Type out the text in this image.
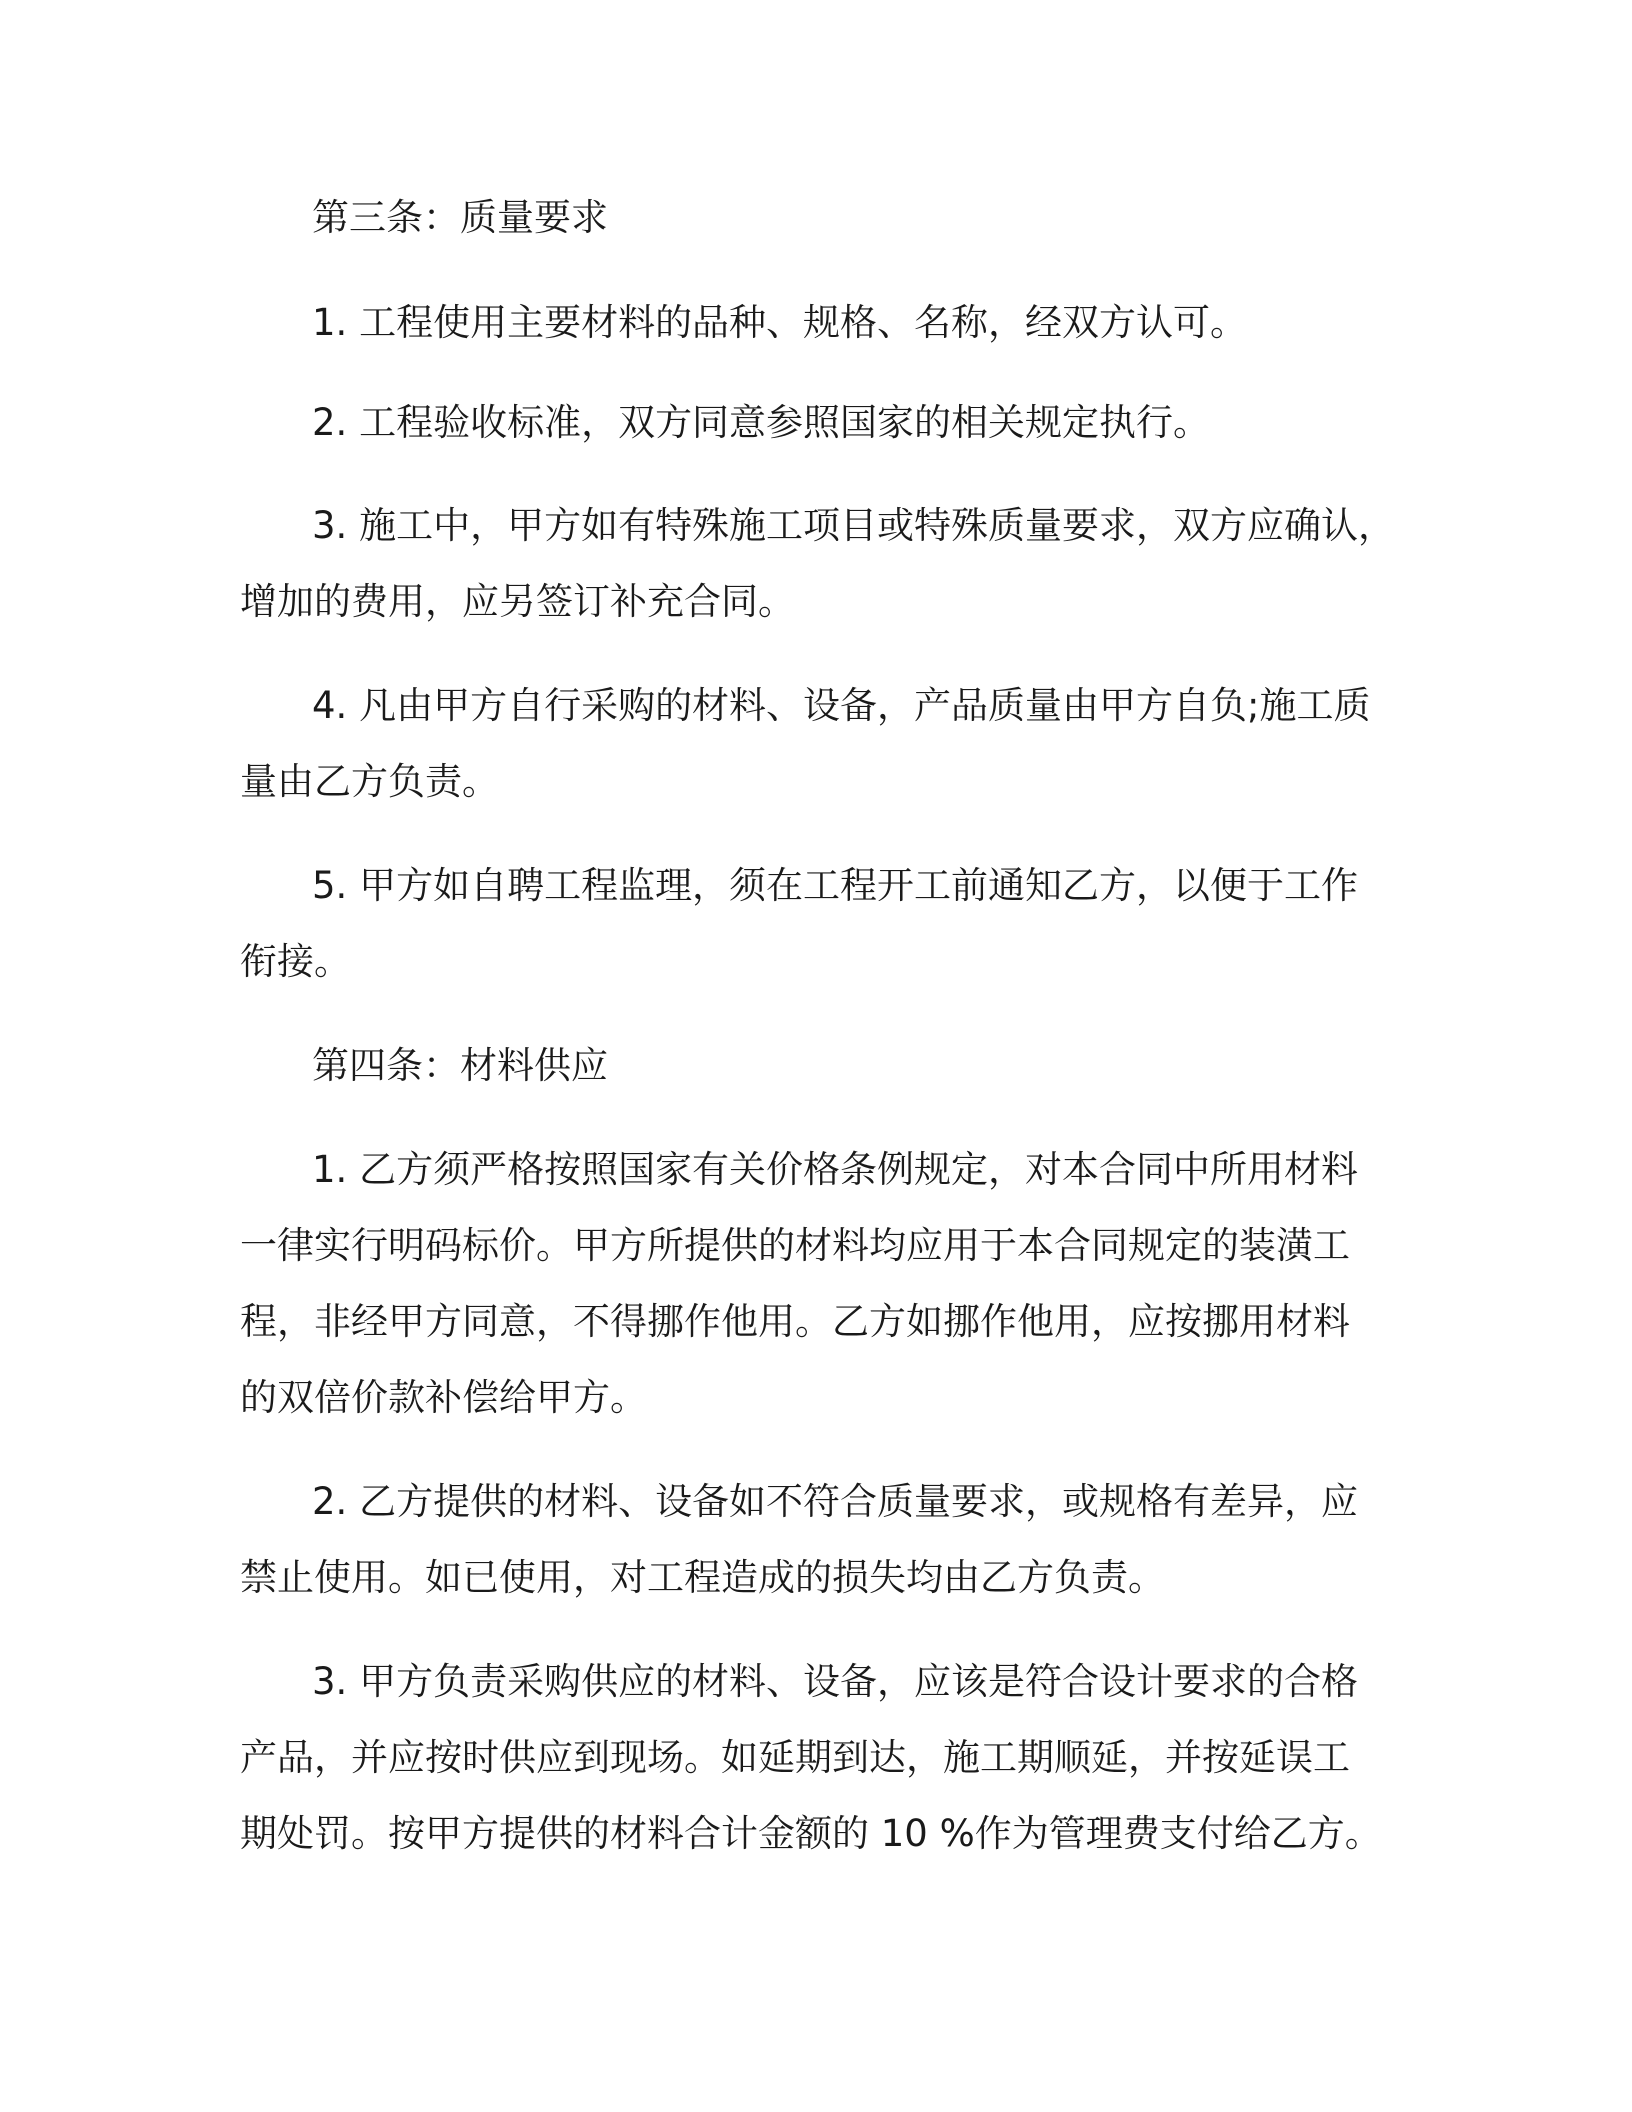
第三条：质量要求
1. 工程使用主要材料的品种、规格、名称，经双方认可。
2. 工程验收标准，双方同意参照国家的相关规定执行。
3. 施工中，甲方如有特殊施工项目或特殊质量要求，双方应确认，
增加的费用，应另签订补充合同。
4. 凡由甲方自行采购的材料、设备，产品质量由甲方自负;施工质
量由乙方负责。
5. 甲方如自聘工程监理，须在工程开工前通知乙方，以便于工作
衔接。
第四条：材料供应
1. 乙方须严格按照国家有关价格条例规定，对本合同中所用材料
一律实行明码标价。甲方所提供的材料均应用于本合同规定的装潢工
程，非经甲方同意，不得挪作他用。乙方如挪作他用，应按挪用材料
的双倍价款补偿给甲方。
2. 乙方提供的材料、设备如不符合质量要求，或规格有差异，应
禁止使用。如已使用，对工程造成的损失均由乙方负责。
3. 甲方负责采购供应的材料、设备，应该是符合设计要求的合格
产品，并应按时供应到现场。如延期到达，施工期顺延，并按延误工
期处罚。按甲方提供的材料合计金额的 10 %作为管理费支付给乙方。
